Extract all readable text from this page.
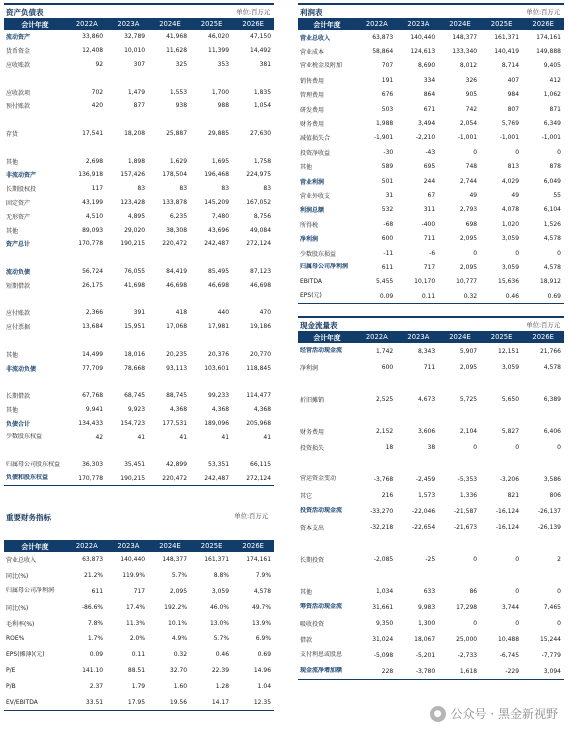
资产负债表	单位:百万元
会计年度	2022A	2023A	2024E	2025E	2026E
流动资产	33,860	32,789	41,968	46,020	47,150
货币资金	12,408	10,010	11,628	11,399	14,492
应收账款	92	307	325	353	381
应收款项	702	1,479	1,553	1,700	1,835
预付账款	420	877	938	988	1,054
存货	17,541	18,208	25,887	29,885	27,630
其他	2,698	1,898	1,629	1,695	1,758
非流动资产	136,918	157,426	178,504	196,468	224,975
长期股权投	117	83	83	83	83
固定资产	43,199	123,428	133,878	145,209	167,052
无形资产	4,510	4,895	6,235	7,480	8,756
其他	89,093	29,020	38,308	43,696	49,084
资产总计	170,778	190,215	220,472	242,487	272,124
流动负债	56,724	76,055	84,419	85,495	87,123
短期借款	26,175	41,698	46,698	46,698	46,698
应付账款	2,366	391	418	440	470
应付票据	13,684	15,951	17,068	17,981	19,186
其他	14,499	18,016	20,235	20,376	20,770
非流动负债	77,709	78,668	93,113	103,601	118,845
长期借款	67,768	68,745	88,745	99,233	114,477
其他	9,941	9,923	4,368	4,368	4,368
负债合计	134,433	154,723	177,531	189,096	205,968
少数股东权益	42	41	41	41	41
归属母公司股东权益	36,303	35,451	42,899	53,351	66,115
负债和股东权益	170,778	190,215	220,472	242,487	272,124
重要财务指标	单位:百万元
会计年度	2022A	2023A	2024E	2025E	2026E
营业总收入	63,873	140,440	148,377	161,371	174,161
同比(%)	21.2%	119.9%	5.7%	8.8%	7.9%
归属母公司净利润	611	717	2,095	3,059	4,578
同比(%)	-86.6%	17.4%	192.2%	46.0%	49.7%
毛利率(%)	7.8%	11.3%	10.1%	13.0%	13.9%
ROE%	1.7%	2.0%	4.9%	5.7%	6.9%
EPS(摊薄)(元)	0.09	0.11	0.32	0.46	0.69
P/E	141.10	88.51	32.70	22.39	14.96
P/B	2.37	1.79	1.60	1.28	1.04
EV/EBITDA	33.51	17.95	19.56	14.17	12.35
利润表	单位:百万元
会计年度	2022A	2023A	2024E	2025E	2026E
营业总收入	63,873	140,440	148,377	161,371	174,161
营业成本	58,864	124,613	133,340	140,419	149,888
营业税金及附加	707	8,690	8,012	8,714	9,405
销售费用	191	334	326	407	412
管理费用	676	864	905	984	1,062
研发费用	503	671	742	807	871
财务费用	1,988	3,494	2,054	5,769	6,349
减值损失合	-1,901	-2,210	-1,001	-1,001	-1,001
投资净收益	-30	-43	0	0	0
其他	589	695	748	813	878
营业利润	501	244	2,744	4,029	6,049
营业外收支	31	67	49	49	55
利润总额	532	311	2,793	4,078	6,104
所得税	-68	-400	698	1,020	1,526
净利润	600	711	2,095	3,059	4,578
少数股东损益	-11	-6	0	0	0
归属母公司净利润	611	717	2,095	3,059	4,578
EBITDA	5,455	10,170	10,777	15,636	18,912
EPS(元)	0.09	0.11	0.32	0.46	0.69
现金流量表	单位:百万元
会计年度	2022A	2023A	2024E	2025E	2026E
经营活动现金流	1,742	8,343	5,907	12,151	21,766
净利润	600	711	2,095	3,059	4,578
折旧摊销	2,525	4,673	5,725	5,650	6,389
财务费用	2,152	3,606	2,104	5,827	6,406
投资损失	18	38	0	0	0
营运资金变动	-3,768	-2,459	-5,353	-3,206	3,586
其它	216	1,573	1,336	821	806
投资活动现金流	-33,270	-22,046	-21,587	-16,124	-26,137
资本支出	-32,218	-22,654	-21,673	-16,124	-26,139
长期投资	-2,085	-25	0	0	2
其他	1,034	633	86	0	0
筹资活动现金流	31,661	9,983	17,298	3,744	7,465
吸收投资	9,350	1,300	0	0	0
借款	31,024	18,067	25,000	10,488	15,244
支付利息或股息	-5,098	-5,201	-2,733	-6,745	-7,779
现金流净增加额	228	-3,780	1,618	-229	3,094
● 公众号 · 黑金新视野
